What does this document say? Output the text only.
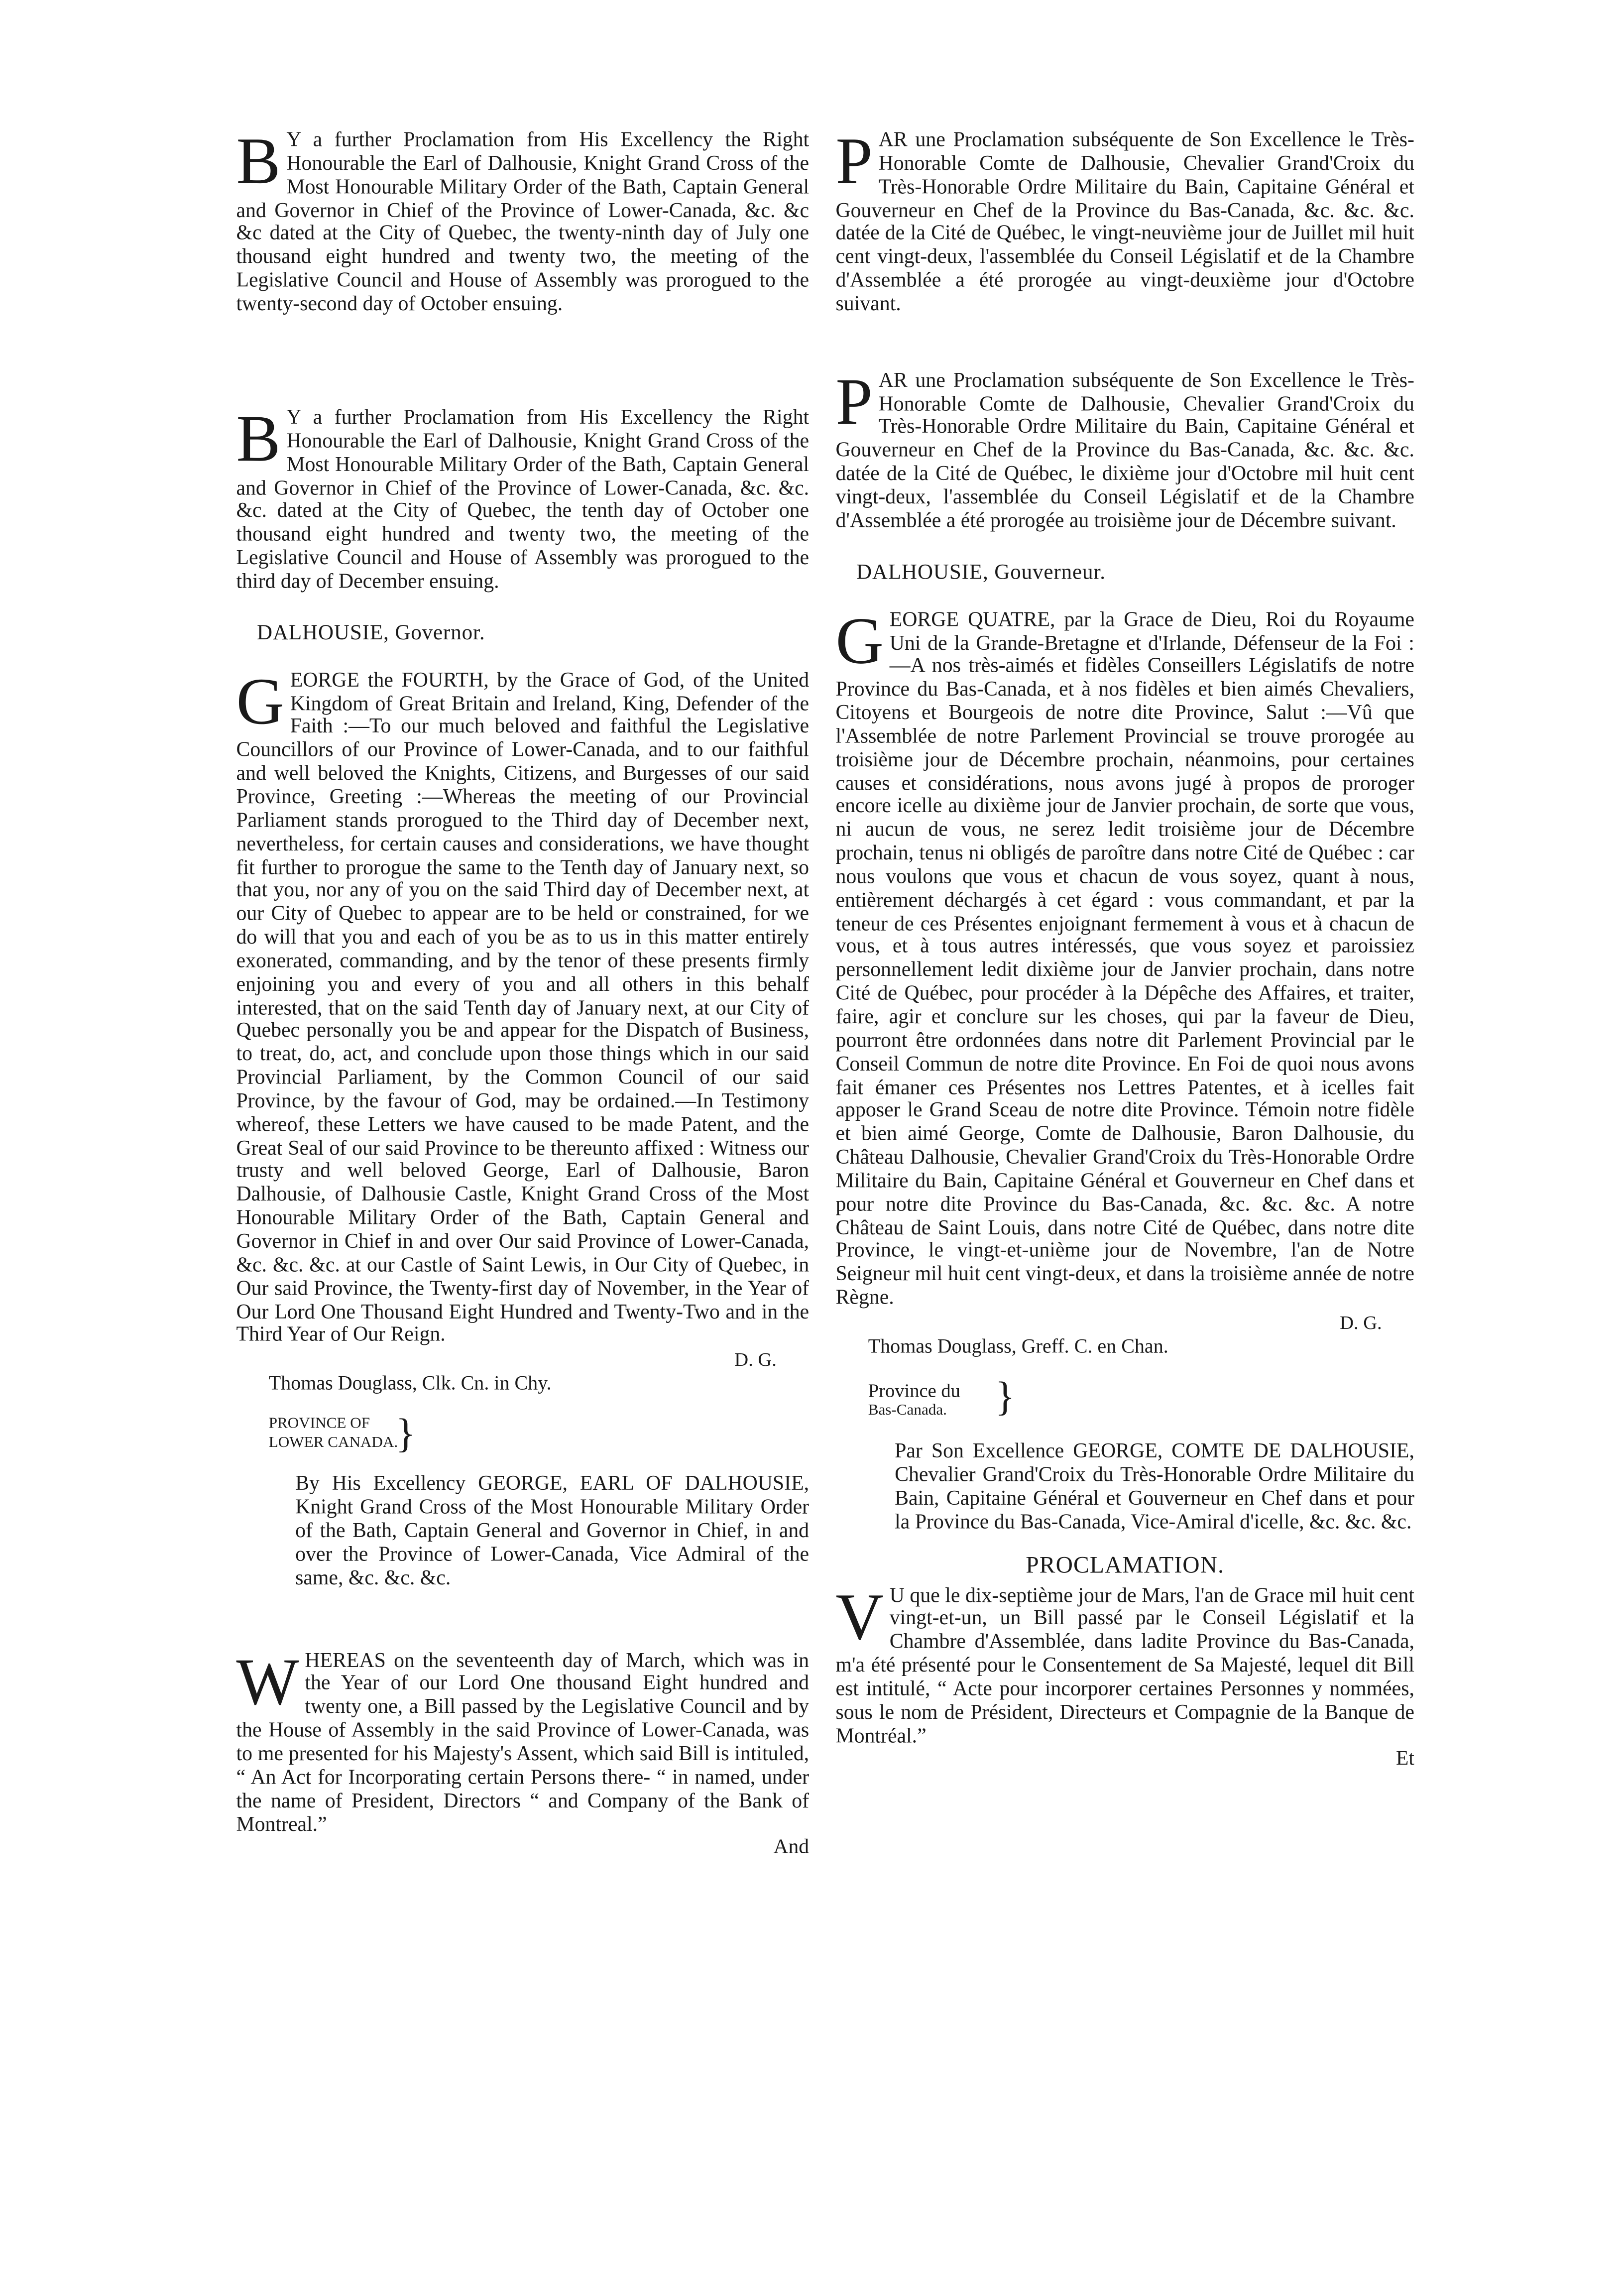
B Y a further Proclamation from His Excellency the Right Honourable the Earl of Dalhousie, Knight Grand Cross of the Most Honourable Military Order of the Bath, Captain General and Governor in Chief of the Province of Lower-Canada, &c. &c &c dated at the City of Quebec, the twenty-ninth day of July one thousand eight hundred and twenty two, the meeting of the Legislative Council and House of Assembly was prorogued to the twenty-second day of October ensuing.

B Y a further Proclamation from His Excellency the Right Honourable the Earl of Dalhousie, Knight Grand Cross of the Most Honourable Military Order of the Bath, Captain General and Governor in Chief of the Province of Lower-Canada, &c. &c. &c. dated at the City of Quebec, the tenth day of October one thousand eight hundred and twenty two, the meeting of the Legislative Council and House of Assembly was prorogued to the third day of December ensuing.

DALHOUSIE, Governor.

GEORGE the FOURTH, by the Grace of God, of the United Kingdom of Great Britain and Ireland, King, Defender of the Faith :—To our much beloved and faithful the Legislative Councillors of our Province of Lower-Canada, and to our faithful and well beloved the Knights, Citizens, and Burgesses of our said Province, Greeting :—Whereas the meeting of our Provincial Parliament stands prorogued to the Third day of December next, nevertheless, for certain causes and considerations, we have thought fit further to prorogue the same to the Tenth day of January next, so that you, nor any of you on the said Third day of December next, at our City of Quebec to appear are to be held or constrained, for we do will that you and each of you be as to us in this matter entirely exonerated, commanding, and by the tenor of these presents firmly enjoining you and every of you and all others in this behalf interested, that on the said Tenth day of January next, at our City of Quebec personally you be and appear for the Dispatch of Business, to treat, do, act, and conclude upon those things which in our said Provincial Parliament, by the Common Council of our said Province, by the favour of God, may be ordained.—In Testimony whereof, these Letters we have caused to be made Patent, and the Great Seal of our said Province to be thereunto affixed : Witness our trusty and well beloved George, Earl of Dalhousie, Baron Dalhousie, of Dalhousie Castle, Knight Grand Cross of the Most Honourable Military Order of the Bath, Captain General and Governor in Chief in and over Our said Province of Lower-Canada, &c. &c. &c. at our Castle of Saint Lewis, in Our City of Quebec, in Our said Province, the Twenty-first day of November, in the Year of Our Lord One Thousand Eight Hundred and Twenty-Two and in the Third Year of Our Reign.

D. G.

Thomas Douglass, Clk. Cn. in Chy.

PROVINCE OF
LOWER CANADA.
}

By His Excellency GEORGE, EARL OF DALHOUSIE, Knight Grand Cross of the Most Honourable Military Order of the Bath, Captain General and Governor in Chief, in and over the Province of Lower-Canada, Vice Admiral of the same, &c. &c. &c.

WHEREAS on the seventeenth day of March, which was in the Year of our Lord One thousand Eight hundred and twenty one, a Bill passed by the Legislative Council and by the House of Assembly in the said Province of Lower-Canada, was to me presented for his Majesty's Assent, which said Bill is intituled, “ An Act for Incorporating certain Persons there- “ in named, under the name of President, Directors “ and Company of the Bank of Montreal.”

And

PAR une Proclamation subséquente de Son Excellence le Très-Honorable Comte de Dalhousie, Chevalier Grand'Croix du Très-Honorable Ordre Militaire du Bain, Capitaine Général et Gouverneur en Chef de la Province du Bas-Canada, &c. &c. &c. datée de la Cité de Québec, le vingt-neuvième jour de Juillet mil huit cent vingt-deux, l'assemblée du Conseil Législatif et de la Chambre d'Assemblée a été prorogée au vingt-deuxième jour d'Octobre suivant.

PAR une Proclamation subséquente de Son Excellence le Très-Honorable Comte de Dalhousie, Chevalier Grand'Croix du Très-Honorable Ordre Militaire du Bain, Capitaine Général et Gouverneur en Chef de la Province du Bas-Canada, &c. &c. &c. datée de la Cité de Québec, le dixième jour d'Octobre mil huit cent vingt-deux, l'assemblée du Conseil Législatif et de la Chambre d'Assemblée a été prorogée au troisième jour de Décembre suivant.

DALHOUSIE, Gouverneur.

GEORGE QUATRE, par la Grace de Dieu, Roi du Royaume Uni de la Grande-Bretagne et d'Irlande, Défenseur de la Foi :—A nos très-aimés et fidèles Conseillers Législatifs de notre Province du Bas-Canada, et à nos fidèles et bien aimés Chevaliers, Citoyens et Bourgeois de notre dite Province, Salut :—Vû que l'Assemblée de notre Parlement Provincial se trouve prorogée au troisième jour de Décembre prochain, néanmoins, pour certaines causes et considérations, nous avons jugé à propos de proroger encore icelle au dixième jour de Janvier prochain, de sorte que vous, ni aucun de vous, ne serez ledit troisième jour de Décembre prochain, tenus ni obligés de paroître dans notre Cité de Québec : car nous voulons que vous et chacun de vous soyez, quant à nous, entièrement déchargés à cet égard : vous commandant, et par la teneur de ces Présentes enjoignant fermement à vous et à chacun de vous, et à tous autres intéressés, que vous soyez et paroissiez personnellement ledit dixième jour de Janvier prochain, dans notre Cité de Québec, pour procéder à la Dépêche des Affaires, et traiter, faire, agir et conclure sur les choses, qui par la faveur de Dieu, pourront être ordonnées dans notre dit Parlement Provincial par le Conseil Commun de notre dite Province. En Foi de quoi nous avons fait émaner ces Présentes nos Lettres Patentes, et à icelles fait apposer le Grand Sceau de notre dite Province. Témoin notre fidèle et bien aimé George, Comte de Dalhousie, Baron Dalhousie, du Château Dalhousie, Chevalier Grand'Croix du Très-Honorable Ordre Militaire du Bain, Capitaine Général et Gouverneur en Chef dans et pour notre dite Province du Bas-Canada, &c. &c. &c. A notre Château de Saint Louis, dans notre Cité de Québec, dans notre dite Province, le vingt-et-unième jour de Novembre, l'an de Notre Seigneur mil huit cent vingt-deux, et dans la troisième année de notre Règne.

D. G.

Thomas Douglass, Greff. C. en Chan.

Province du
Bas-Canada.	}

Par Son Excellence GEORGE, COMTE DE DALHOUSIE, Chevalier Grand'Croix du Très-Honorable Ordre Militaire du Bain, Capitaine Général et Gouverneur en Chef dans et pour la Province du Bas-Canada, Vice-Amiral d'icelle, &c. &c. &c.

PROCLAMATION.

V U que le dix-septième jour de Mars, l'an de Grace mil huit cent vingt-et-un, un Bill passé par le Conseil Législatif et la Chambre d'Assemblée, dans ladite Province du Bas-Canada, m'a été présenté pour le Consentement de Sa Majesté, lequel dit Bill est intitulé, “ Acte pour incorporer certaines Personnes y nommées, sous le nom de Président, Directeurs et Compagnie de la Banque de Montréal.”

Et
